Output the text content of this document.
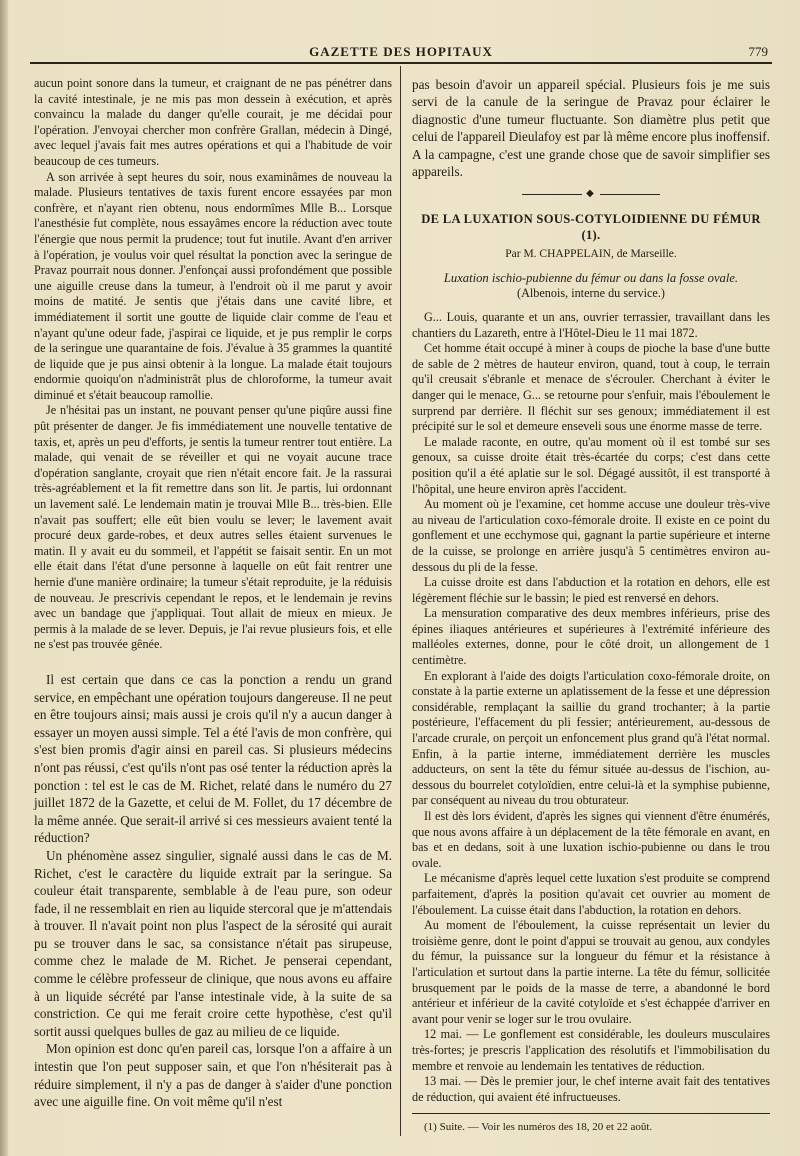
GAZETTE DES HOPITAUX	779

aucun point sonore dans la tumeur, et craignant de ne pas pénétrer dans la cavité intestinale, je ne mis pas mon dessein à exécution, et après convaincu la malade du danger qu'elle courait, je me décidai pour l'opération. J'envoyai chercher mon confrère Grallan, médecin à Dingé, avec lequel j'avais fait mes autres opérations et qui a l'habitude de voir beaucoup de ces tumeurs.

A son arrivée à sept heures du soir, nous examinâmes de nouveau la malade. Plusieurs tentatives de taxis furent encore essayées par mon confrère, et n'ayant rien obtenu, nous endormîmes Mlle B... Lorsque l'anesthésie fut complète, nous essayâmes encore la réduction avec toute l'énergie que nous permit la prudence; tout fut inutile. Avant d'en arriver à l'opération, je voulus voir quel résultat la ponction avec la seringue de Pravaz pourrait nous donner. J'enfonçai aussi profondément que possible une aiguille creuse dans la tumeur, à l'endroit où il me parut y avoir moins de matité. Je sentis que j'étais dans une cavité libre, et immédiatement il sortit une goutte de liquide clair comme de l'eau et n'ayant qu'une odeur fade, j'aspirai ce liquide, et je pus remplir le corps de la seringue une quarantaine de fois. J'évalue à 35 grammes la quantité de liquide que je pus ainsi obtenir à la longue. La malade était toujours endormie quoiqu'on n'administrât plus de chloroforme, la tumeur avait diminué et s'était beaucoup ramollie.

Je n'hésitai pas un instant, ne pouvant penser qu'une piqûre aussi fine pût présenter de danger. Je fis immédiatement une nouvelle tentative de taxis, et, après un peu d'efforts, je sentis la tumeur rentrer tout entière. La malade, qui venait de se réveiller et qui ne voyait aucune trace d'opération sanglante, croyait que rien n'était encore fait. Je la rassurai très-agréablement et la fit remettre dans son lit. Je partis, lui ordonnant un lavement salé. Le lendemain matin je trouvai Mlle B... très-bien. Elle n'avait pas souffert; elle eût bien voulu se lever; le lavement avait procuré deux garde-robes, et deux autres selles étaient survenues le matin. Il y avait eu du sommeil, et l'appétit se faisait sentir. En un mot elle était dans l'état d'une personne à laquelle on eût fait rentrer une hernie d'une manière ordinaire; la tumeur s'était reproduite, je la réduisis de nouveau. Je prescrivis cependant le repos, et le lendemain je revins avec un bandage que j'appliquai. Tout allait de mieux en mieux. Je permis à la malade de se lever. Depuis, je l'ai revue plusieurs fois, et elle ne s'est pas trouvée gênée.

Il est certain que dans ce cas la ponction a rendu un grand service, en empêchant une opération toujours dangereuse. Il ne peut en être toujours ainsi; mais aussi je crois qu'il n'y a aucun danger à essayer un moyen aussi simple. Tel a été l'avis de mon confrère, qui s'est bien promis d'agir ainsi en pareil cas. Si plusieurs médecins n'ont pas réussi, c'est qu'ils n'ont pas osé tenter la réduction après la ponction : tel est le cas de M. Richet, relaté dans le numéro du 27 juillet 1872 de la Gazette, et celui de M. Follet, du 17 décembre de la même année. Que serait-il arrivé si ces messieurs avaient tenté la réduction?

Un phénomène assez singulier, signalé aussi dans le cas de M. Richet, c'est le caractère du liquide extrait par la seringue. Sa couleur était transparente, semblable à de l'eau pure, son odeur fade, il ne ressemblait en rien au liquide stercoral que je m'attendais à trouver. Il n'avait point non plus l'aspect de la sérosité qui aurait pu se trouver dans le sac, sa consistance n'était pas sirupeuse, comme chez le malade de M. Richet. Je penserai cependant, comme le célèbre professeur de clinique, que nous avons eu affaire à un liquide sécrété par l'anse intestinale vide, à la suite de sa constriction. Ce qui me ferait croire cette hypothèse, c'est qu'il sortit aussi quelques bulles de gaz au milieu de ce liquide.

Mon opinion est donc qu'en pareil cas, lorsque l'on a affaire à un intestin que l'on peut supposer sain, et que l'on n'hésiterait pas à réduire simplement, il n'y a pas de danger à s'aider d'une ponction avec une aiguille fine. On voit même qu'il n'est

pas besoin d'avoir un appareil spécial. Plusieurs fois je me suis servi de la canule de la seringue de Pravaz pour éclairer le diagnostic d'une tumeur fluctuante. Son diamètre plus petit que celui de l'appareil Dieulafoy est par là même encore plus inoffensif. A la campagne, c'est une grande chose que de savoir simplifier ses appareils.

◆
DE LA LUXATION SOUS-COTYLOIDIENNE DU FÉMUR (1).
Par M. CHAPPELAIN, de Marseille.
Luxation ischio-pubienne du fémur ou dans la fosse ovale.
(Albenois, interne du service.)

G... Louis, quarante et un ans, ouvrier terrassier, travaillant dans les chantiers du Lazareth, entre à l'Hôtel-Dieu le 11 mai 1872.

Cet homme était occupé à miner à coups de pioche la base d'une butte de sable de 2 mètres de hauteur environ, quand, tout à coup, le terrain qu'il creusait s'ébranle et menace de s'écrouler. Cherchant à éviter le danger qui le menace, G... se retourne pour s'enfuir, mais l'éboulement le surprend par derrière. Il fléchit sur ses genoux; immédiatement il est précipité sur le sol et demeure enseveli sous une énorme masse de terre.

Le malade raconte, en outre, qu'au moment où il est tombé sur ses genoux, sa cuisse droite était très-écartée du corps; c'est dans cette position qu'il a été aplatie sur le sol. Dégagé aussitôt, il est transporté à l'hôpital, une heure environ après l'accident.

Au moment où je l'examine, cet homme accuse une douleur très-vive au niveau de l'articulation coxo-fémorale droite. Il existe en ce point du gonflement et une ecchymose qui, gagnant la partie supérieure et interne de la cuisse, se prolonge en arrière jusqu'à 5 centimètres environ au-dessous du pli de la fesse.

La cuisse droite est dans l'abduction et la rotation en dehors, elle est légèrement fléchie sur le bassin; le pied est renversé en dehors.

La mensuration comparative des deux membres inférieurs, prise des épines iliaques antérieures et supérieures à l'extrémité inférieure des malléoles externes, donne, pour le côté droit, un allongement de 1 centimètre.

En explorant à l'aide des doigts l'articulation coxo-fémorale droite, on constate à la partie externe un aplatissement de la fesse et une dépression considérable, remplaçant la saillie du grand trochanter; à la partie postérieure, l'effacement du pli fessier; antérieurement, au-dessous de l'arcade crurale, on perçoit un enfoncement plus grand qu'à l'état normal. Enfin, à la partie interne, immédiatement derrière les muscles adducteurs, on sent la tête du fémur située au-dessus de l'ischion, au-dessous du bourrelet cotyloïdien, entre celui-là et la symphise pubienne, par conséquent au niveau du trou obturateur.

Il est dès lors évident, d'après les signes qui viennent d'être énumérés, que nous avons affaire à un déplacement de la tête fémorale en avant, en bas et en dedans, soit à une luxation ischio-pubienne ou dans le trou ovale.

Le mécanisme d'après lequel cette luxation s'est produite se comprend parfaitement, d'après la position qu'avait cet ouvrier au moment de l'éboulement. La cuisse était dans l'abduction, la rotation en dehors.

Au moment de l'éboulement, la cuisse représentait un levier du troisième genre, dont le point d'appui se trouvait au genou, aux condyles du fémur, la puissance sur la longueur du fémur et la résistance à l'articulation et surtout dans la partie interne. La tête du fémur, sollicitée brusquement par le poids de la masse de terre, a abandonné le bord antérieur et inférieur de la cavité cotyloïde et s'est échappée d'arriver en avant pour venir se loger sur le trou ovulaire.

12 mai. — Le gonflement est considérable, les douleurs musculaires très-fortes; je prescris l'application des résolutifs et l'immobilisation du membre et renvoie au lendemain les tentatives de réduction.

13 mai. — Dès le premier jour, le chef interne avait fait des tentatives de réduction, qui avaient été infructueuses.

(1) Suite. — Voir les numéros des 18, 20 et 22 août.
